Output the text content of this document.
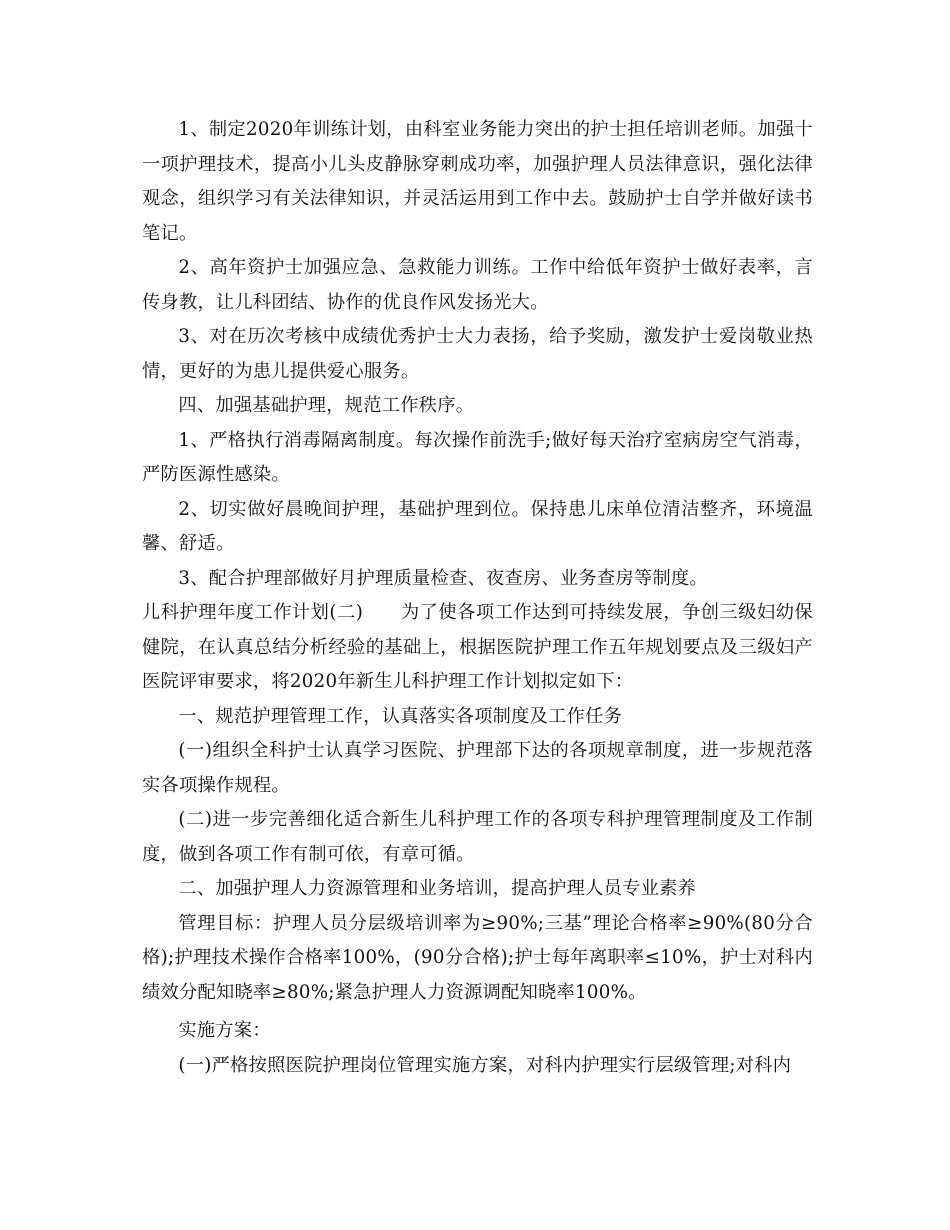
1、制定2020年训练计划，由科室业务能力突出的护士担任培训老师。加强十一项护理技术，提高小儿头皮静脉穿刺成功率，加强护理人员法律意识，强化法律观念，组织学习有关法律知识，并灵活运用到工作中去。鼓励护士自学并做好读书笔记。

2、高年资护士加强应急、急救能力训练。工作中给低年资护士做好表率，言传身教，让儿科团结、协作的优良作风发扬光大。

3、对在历次考核中成绩优秀护士大力表扬，给予奖励，激发护士爱岗敬业热情，更好的为患儿提供爱心服务。

四、加强基础护理，规范工作秩序。

1、严格执行消毒隔离制度。每次操作前洗手;做好每天治疗室病房空气消毒，严防医源性感染。

2、切实做好晨晚间护理，基础护理到位。保持患儿床单位清洁整齐，环境温馨、舒适。

3、配合护理部做好月护理质量检查、夜查房、业务查房等制度。

儿科护理年度工作计划(二)　　为了使各项工作达到可持续发展，争创三级妇幼保健院，在认真总结分析经验的基础上，根据医院护理工作五年规划要点及三级妇产医院评审要求，将2020年新生儿科护理工作计划拟定如下：

一、规范护理管理工作，认真落实各项制度及工作任务

(一)组织全科护士认真学习医院、护理部下达的各项规章制度，进一步规范落实各项操作规程。

(二)进一步完善细化适合新生儿科护理工作的各项专科护理管理制度及工作制度，做到各项工作有制可依，有章可循。

二、加强护理人力资源管理和业务培训，提高护理人员专业素养

管理目标：护理人员分层级培训率为≥90%;三基”理论合格率≥90%(80分合格);护理技术操作合格率100%，(90分合格);护士每年离职率≤10%，护士对科内绩效分配知晓率≥80%;紧急护理人力资源调配知晓率100%。

实施方案：

(一)严格按照医院护理岗位管理实施方案，对科内护理实行层级管理;对科内
